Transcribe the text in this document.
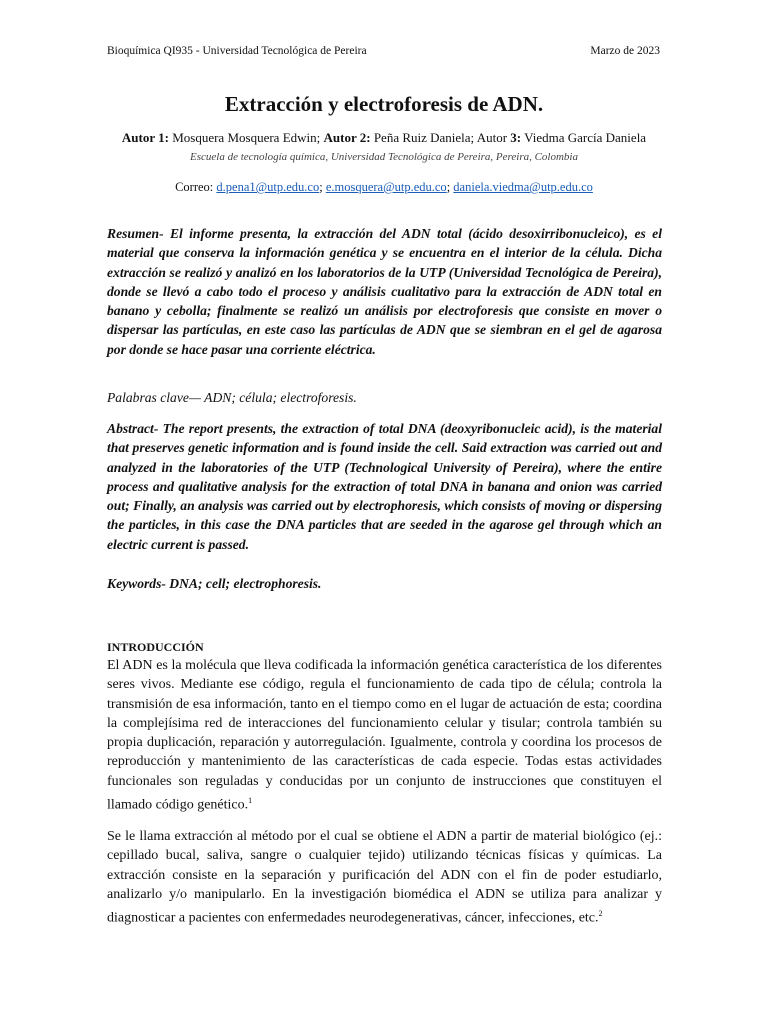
Bioquímica QI935 - Universidad Tecnológica de Pereira	Marzo de 2023
Extracción y electroforesis de ADN.
Autor 1: Mosquera Mosquera Edwin; Autor 2: Peña Ruiz Daniela; Autor 3: Viedma García Daniela
Escuela de tecnología química, Universidad Tecnológica de Pereira, Pereira, Colombia
Correo: d.pena1@utp.edu.co; e.mosquera@utp.edu.co; daniela.viedma@utp.edu.co
Resumen- El informe presenta, la extracción del ADN total (ácido desoxirribonucleico), es el material que conserva la información genética y se encuentra en el interior de la célula. Dicha extracción se realizó y analizó en los laboratorios de la UTP (Universidad Tecnológica de Pereira), donde se llevó a cabo todo el proceso y análisis cualitativo para la extracción de ADN total en banano y cebolla; finalmente se realizó un análisis por electroforesis que consiste en mover o dispersar las partículas, en este caso las partículas de ADN que se siembran en el gel de agarosa por donde se hace pasar una corriente eléctrica.
Palabras clave— ADN; célula; electroforesis.
Abstract- The report presents, the extraction of total DNA (deoxyribonucleic acid), is the material that preserves genetic information and is found inside the cell. Said extraction was carried out and analyzed in the laboratories of the UTP (Technological University of Pereira), where the entire process and qualitative analysis for the extraction of total DNA in banana and onion was carried out; Finally, an analysis was carried out by electrophoresis, which consists of moving or dispersing the particles, in this case the DNA particles that are seeded in the agarose gel through which an electric current is passed.
Keywords- DNA; cell; electrophoresis.
INTRODUCCIÓN
El ADN es la molécula que lleva codificada la información genética característica de los diferentes seres vivos. Mediante ese código, regula el funcionamiento de cada tipo de célula; controla la transmisión de esa información, tanto en el tiempo como en el lugar de actuación de esta; coordina la complejísima red de interacciones del funcionamiento celular y tisular; controla también su propia duplicación, reparación y autorregulación. Igualmente, controla y coordina los procesos de reproducción y mantenimiento de las características de cada especie. Todas estas actividades funcionales son reguladas y conducidas por un conjunto de instrucciones que constituyen el llamado código genético.$^1$
Se le llama extracción al método por el cual se obtiene el ADN a partir de material biológico (ej.: cepillado bucal, saliva, sangre o cualquier tejido) utilizando técnicas físicas y químicas. La extracción consiste en la separación y purificación del ADN con el fin de poder estudiarlo, analizarlo y/o manipularlo. En la investigación biomédica el ADN se utiliza para analizar y diagnosticar a pacientes con enfermedades neurodegenerativas, cáncer, infecciones, etc.$^2$
